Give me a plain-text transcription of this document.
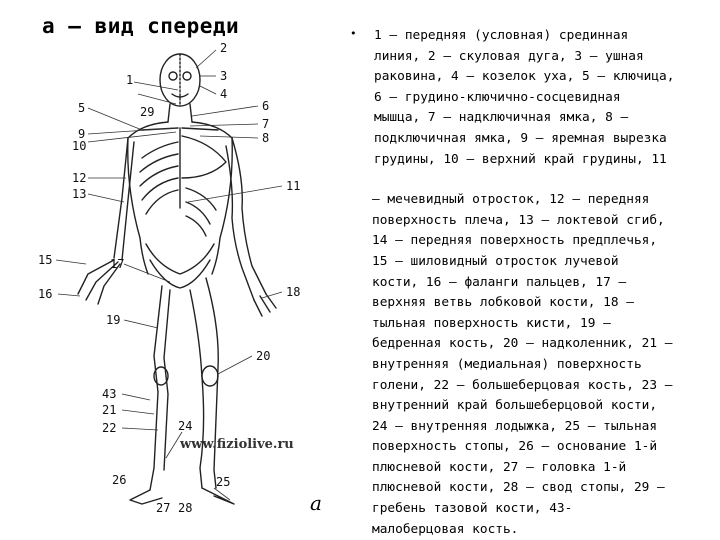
а – вид спереди
2
3
4
1
5	6
7
8
29
9
10
11
12
13
15
16
17
18
19
20
43
21
22	24
26	25
27 28
www.fiziolive.ru
а
• 1 – передняя (условная) срединная
линия, 2 – скуловая дуга, 3 – ушная
раковина, 4 – козелок уха, 5 – ключица,
6 – грудино-ключично-сосцевидная
мышца, 7 – надключичная ямка, 8 –
подключичная ямка, 9 – яремная вырезка
грудины, 10 – верхний край грудины, 11
– мечевидный отросток, 12 – передняя
поверхность плеча, 13 – локтевой сгиб,
14 – передняя поверхность предплечья,
15 – шиловидный отросток лучевой
кости, 16 – фаланги пальцев, 17 –
верхняя ветвь лобковой кости, 18 –
тыльная поверхность кисти, 19 –
бедренная кость, 20 – надколенник, 21 –
внутренняя (медиальная) поверхность
голени, 22 – большеберцовая кость, 23 –
внутренний край большеберцовой кости,
24 – внутренняя лодыжка, 25 – тыльная
поверхность стопы, 26 – основание 1-й
плюсневой кости, 27 – головка 1-й
плюсневой кости, 28 – свод стопы, 29 –
гребень тазовой кости, 43-
малоберцовая кость.
